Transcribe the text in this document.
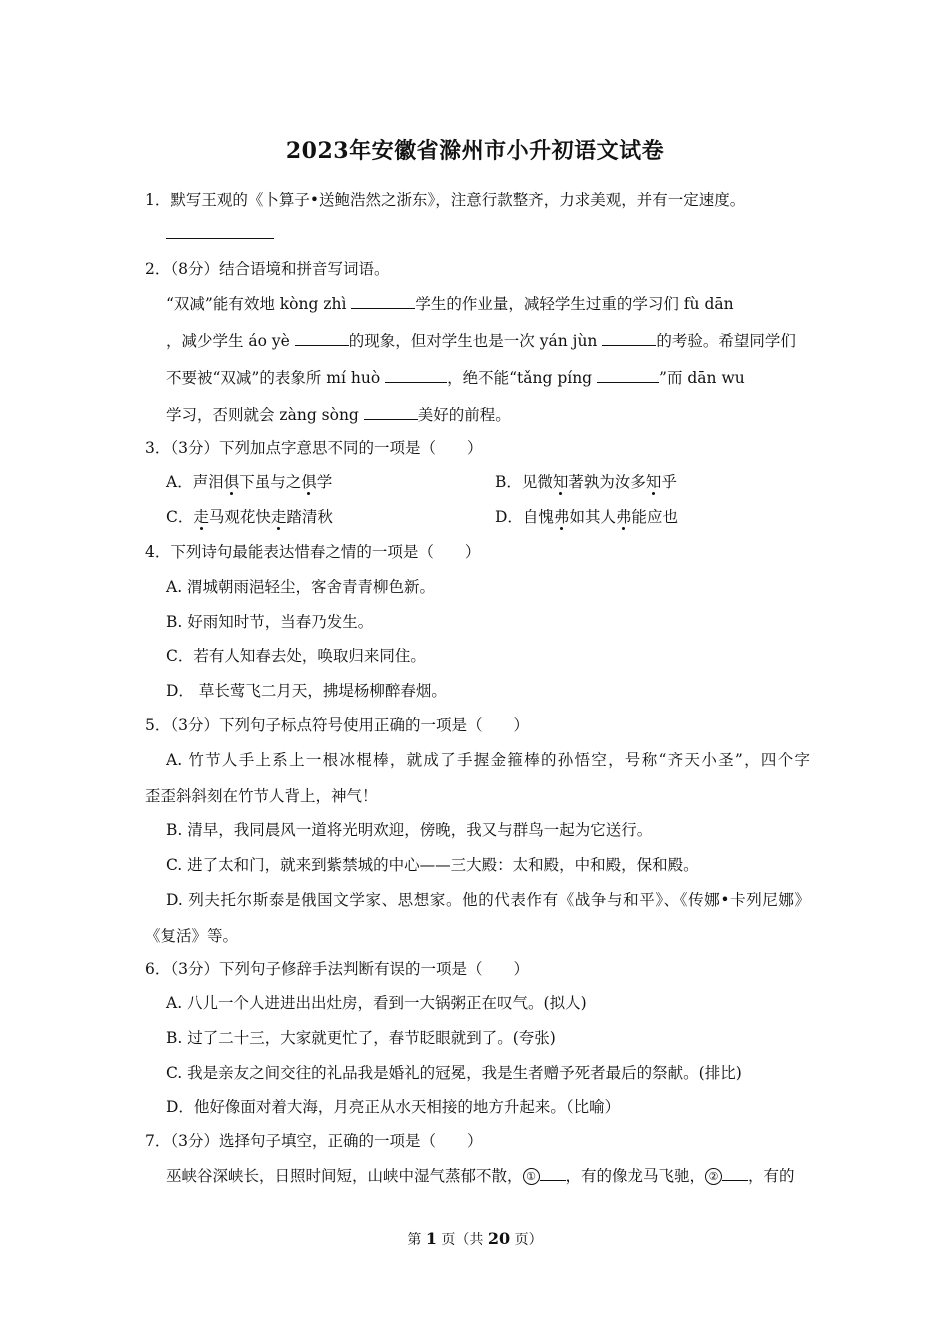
2023年安徽省滁州市小升初语文试卷
1．默写王观的《卜算子•送鲍浩然之浙东》，注意行款整齐，力求美观，并有一定速度。
2．（8分）结合语境和拼音写词语。
“双减”能有效地 kòng zhì	学生的作业量，减轻学生过重的学习们 fù dān
，减少学生 áo yè	的现象，但对学生也是一次 yán jùn	的考验。希望同学们
不要被“双减”的表象所 mí huò	，绝不能“tǎng píng	”而 dān wu
学习，否则就会 zàng sòng	美好的前程。
3．（3分）下列加点字意思不同的一项是（　　）
A．声泪俱下虽与之俱学	B．见微知著孰为汝多知乎
C．走马观花快走踏清秋	D．自愧弗如其人弗能应也
4．下列诗句最能表达惜春之情的一项是（　　）
A. 渭城朝雨浥轻尘，客舍青青柳色新。
B. 好雨知时节，当春乃发生。
C．若有人知春去处，唤取归来同住。
D． 草长莺飞二月天，拂堤杨柳醉春烟。
5．（3分）下列句子标点符号使用正确的一项是（　　）
A. 竹节人手上系上一根冰棍棒，就成了手握金箍棒的孙悟空，号称“齐天小圣”，四个字
歪歪斜斜刻在竹节人背上，神气！
B. 清早，我同晨风一道将光明欢迎，傍晚，我又与群鸟一起为它送行。
C. 进了太和门，就来到紫禁城的中心——三大殿：太和殿，中和殿，保和殿。
D. 列夫托尔斯泰是俄国文学家、思想家。他的代表作有《战争与和平》、《传娜•卡列尼娜》
《复活》等。
6．（3分）下列句子修辞手法判断有误的一项是（　　）
A. 八儿一个人进进出出灶房，看到一大锅粥正在叹气。(拟人)
B. 过了二十三，大家就更忙了，春节眨眼就到了。(夸张)
C. 我是亲友之间交往的礼品我是婚礼的冠冕，我是生者赠予死者最后的祭献。(排比)
D．他好像面对着大海，月亮正从水天相接的地方升起来。（比喻）
7．（3分）选择句子填空，正确的一项是（　　）
巫峡谷深峡长，日照时间短，山峡中湿气蒸郁不散， ① ，有的像龙马飞驰， ② ，有的
第 1 页（共 20 页）
